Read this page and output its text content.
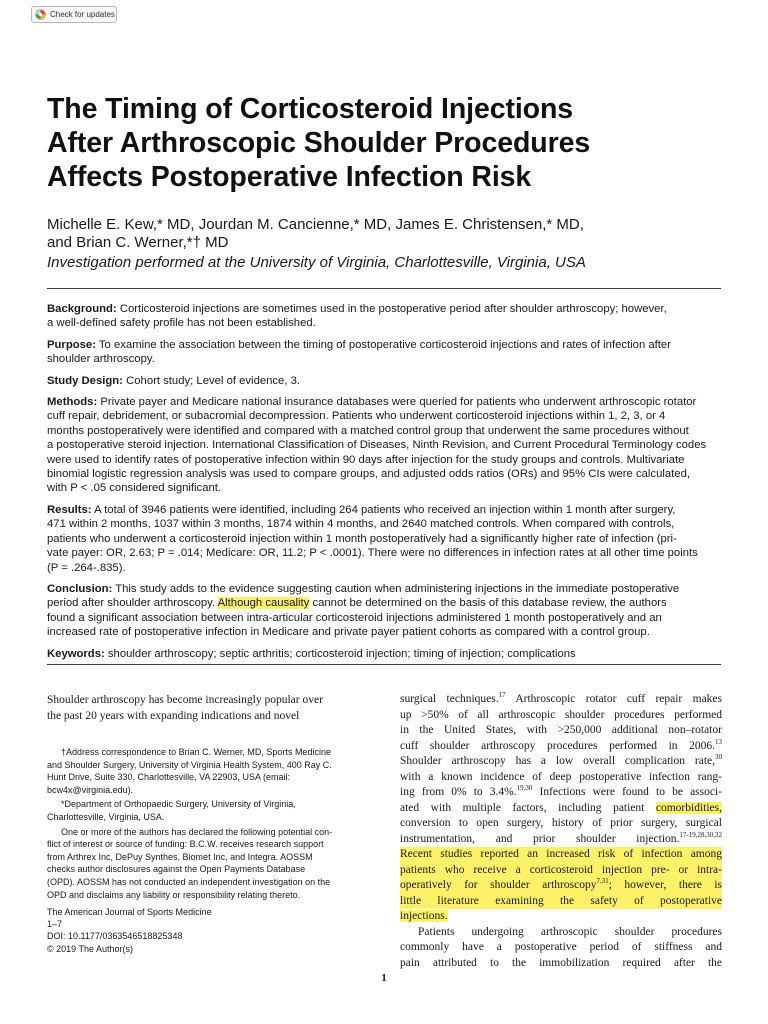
Check for updates
The Timing of Corticosteroid Injections
After Arthroscopic Shoulder Procedures
Affects Postoperative Infection Risk
Michelle E. Kew,* MD, Jourdan M. Cancienne,* MD, James E. Christensen,* MD,
and Brian C. Werner,*† MD
Investigation performed at the University of Virginia, Charlottesville, Virginia, USA
Background: Corticosteroid injections are sometimes used in the postoperative period after shoulder arthroscopy; however,
a well-defined safety profile has not been established.
Purpose: To examine the association between the timing of postoperative corticosteroid injections and rates of infection after
shoulder arthroscopy.
Study Design: Cohort study; Level of evidence, 3.
Methods: Private payer and Medicare national insurance databases were queried for patients who underwent arthroscopic rotator
cuff repair, debridement, or subacromial decompression. Patients who underwent corticosteroid injections within 1, 2, 3, or 4
months postoperatively were identified and compared with a matched control group that underwent the same procedures without
a postoperative steroid injection. International Classification of Diseases, Ninth Revision, and Current Procedural Terminology codes
were used to identify rates of postoperative infection within 90 days after injection for the study groups and controls. Multivariate
binomial logistic regression analysis was used to compare groups, and adjusted odds ratios (ORs) and 95% CIs were calculated,
with P < .05 considered significant.
Results: A total of 3946 patients were identified, including 264 patients who received an injection within 1 month after surgery,
471 within 2 months, 1037 within 3 months, 1874 within 4 months, and 2640 matched controls. When compared with controls,
patients who underwent a corticosteroid injection within 1 month postoperatively had a significantly higher rate of infection (pri-
vate payer: OR, 2.63; P = .014; Medicare: OR, 11.2; P < .0001). There were no differences in infection rates at all other time points
(P = .264-.835).
Conclusion: This study adds to the evidence suggesting caution when administering injections in the immediate postoperative
period after shoulder arthroscopy. Although causality cannot be determined on the basis of this database review, the authors
found a significant association between intra-articular corticosteroid injections administered 1 month postoperatively and an
increased rate of postoperative infection in Medicare and private payer patient cohorts as compared with a control group.
Keywords: shoulder arthroscopy; septic arthritis; corticosteroid injection; timing of injection; complications
Shoulder arthroscopy has become increasingly popular over
the past 20 years with expanding indications and novel
†Address correspondence to Brian C. Werner, MD, Sports Medicine
and Shoulder Surgery, University of Virginia Health System, 400 Ray C.
Hunt Drive, Suite 330, Charlottesville, VA 22903, USA (email:
bcw4x@virginia.edu).
*Department of Orthopaedic Surgery, University of Virginia,
Charlottesville, Virginia, USA.
One or more of the authors has declared the following potential con-
flict of interest or source of funding: B.C.W. receives research support
from Arthrex Inc, DePuy Synthes, Biomet Inc, and Integra. AOSSM
checks author disclosures against the Open Payments Database
(OPD). AOSSM has not conducted an independent investigation on the
OPD and disclaims any liability or responsibility relating thereto.
The American Journal of Sports Medicine
1–7
DOI: 10.1177/0363546518825348
© 2019 The Author(s)
surgical techniques.$^{17}$ Arthroscopic rotator cuff repair makes
up >50% of all arthroscopic shoulder procedures performed
in the United States, with >250,000 additional non–rotator
cuff shoulder arthroscopy procedures performed in 2006.13
Shoulder arthroscopy has a low overall complication rate,$^{30}$
with a known incidence of deep postoperative infection rang-
ing from 0% to 3.4%.$^{19,30}$ Infections were found to be associ-
ated with multiple factors, including patient comorbidities,
conversion to open surgery, history of prior surgery, surgical
instrumentation, and prior shoulder injection.$^{17-19,28,30,32}$
Recent studies reported an increased risk of infection among
patients who receive a corticosteroid injection pre- or intra-
operatively for shoulder arthroscopy$^{7,31}$; however, there is
little literature examining the safety of postoperative
injections.
Patients undergoing arthroscopic shoulder procedures
commonly have a postoperative period of stiffness and
pain attributed to the immobilization required after the
1
